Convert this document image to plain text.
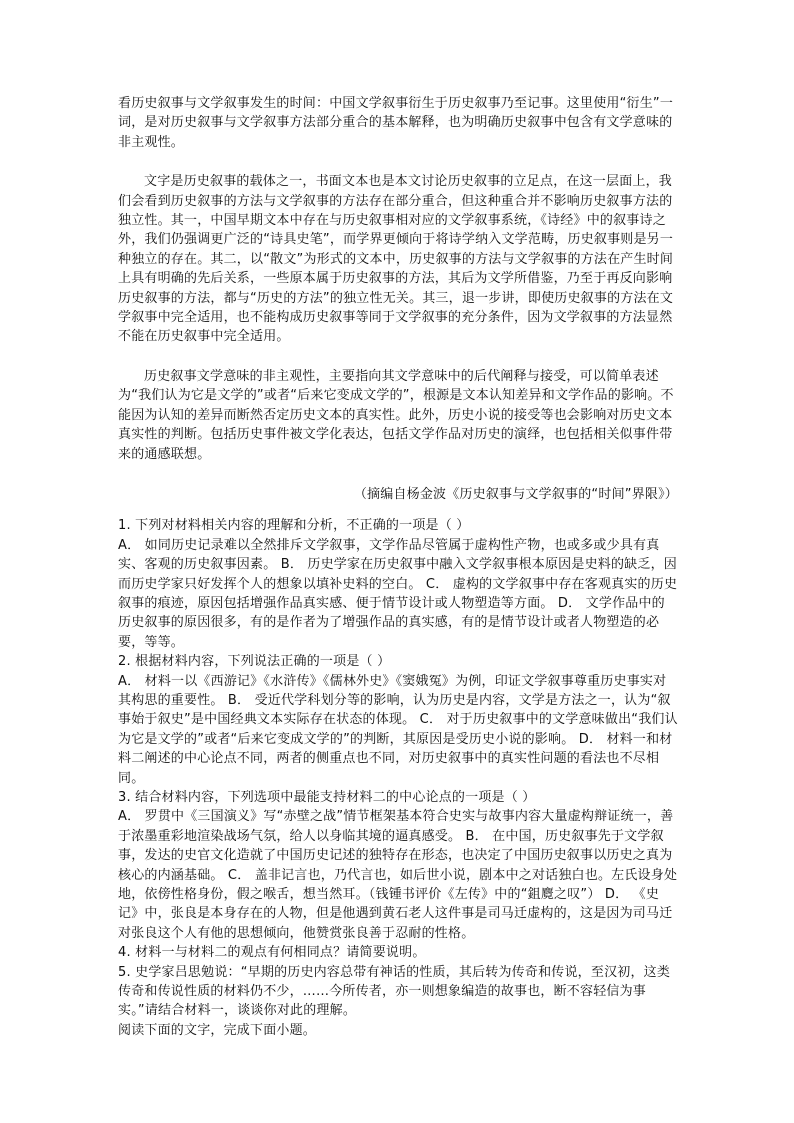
看历史叙事与文学叙事发生的时间：中国文学叙事衍生于历史叙事乃至记事。这里使用“衍生”一词，是对历史叙事与文学叙事方法部分重合的基本解释，也为明确历史叙事中包含有文学意味的非主观性。

文字是历史叙事的载体之一，书面文本也是本文讨论历史叙事的立足点，在这一层面上，我们会看到历史叙事的方法与文学叙事的方法存在部分重合，但这种重合并不影响历史叙事方法的独立性。其一，中国早期文本中存在与历史叙事相对应的文学叙事系统，《诗经》中的叙事诗之外，我们仍强调更广泛的“诗具史笔”，而学界更倾向于将诗学纳入文学范畴，历史叙事则是另一种独立的存在。其二，以“散文”为形式的文本中，历史叙事的方法与文学叙事的方法在产生时间上具有明确的先后关系，一些原本属于历史叙事的方法，其后为文学所借鉴，乃至于再反向影响历史叙事的方法，都与“历史的方法”的独立性无关。其三，退一步讲，即使历史叙事的方法在文学叙事中完全适用，也不能构成历史叙事等同于文学叙事的充分条件，因为文学叙事的方法显然不能在历史叙事中完全适用。

历史叙事文学意味的非主观性，主要指向其文学意味中的后代阐释与接受，可以简单表述为“我们认为它是文学的”或者“后来它变成文学的”，根源是文本认知差异和文学作品的影响。不能因为认知的差异而断然否定历史文本的真实性。此外，历史小说的接受等也会影响对历史文本真实性的判断。包括历史事件被文学化表达，包括文学作品对历史的演绎，也包括相关似事件带来的通感联想。

（摘编自杨金波《历史叙事与文学叙事的“时间”界限》）

1. 下列对材料相关内容的理解和分析，不正确的一项是（ ）

A． 如同历史记录难以全然排斥文学叙事，文学作品尽管属于虚构性产物，也或多或少具有真实、客观的历史叙事因素。 B． 历史学家在历史叙事中融入文学叙事根本原因是史料的缺乏，因而历史学家只好发挥个人的想象以填补史料的空白。 C． 虚构的文学叙事中存在客观真实的历史叙事的痕迹，原因包括增强作品真实感、便于情节设计或人物塑造等方面。 D． 文学作品中的历史叙事的原因很多，有的是作者为了增强作品的真实感，有的是情节设计或者人物塑造的必要，等等。

2. 根据材料内容，下列说法正确的一项是（ ）

A． 材料一以《西游记》《水浒传》《儒林外史》《窦娥冤》为例，印证文学叙事尊重历史事实对其构思的重要性。 B． 受近代学科划分等的影响，认为历史是内容，文学是方法之一，认为“叙事始于叙史”是中国经典文本实际存在状态的体现。 C． 对于历史叙事中的文学意味做出“我们认为它是文学的”或者“后来它变成文学的”的判断，其原因是受历史小说的影响。 D． 材料一和材料二阐述的中心论点不同，两者的侧重点也不同，对历史叙事中的真实性问题的看法也不尽相同。

3. 结合材料内容，下列选项中最能支持材料二的中心论点的一项是（ ）

A． 罗贯中《三国演义》写“赤壁之战”情节框架基本符合史实与故事内容大量虚构辩证统一，善于浓墨重彩地渲染战场气氛，给人以身临其境的逼真感受。 B． 在中国，历史叙事先于文学叙事，发达的史官文化造就了中国历史记述的独特存在形态，也决定了中国历史叙事以历史之真为核心的内涵基础。 C． 盖非记言也，乃代言也，如后世小说，剧本中之对话独白也。左氏设身处地，依傍性格身份，假之喉舌，想当然耳。（钱锺书评价《左传》中的“鉏麑之叹”） D． 《史记》中，张良是本身存在的人物，但是他遇到黄石老人这件事是司马迁虚构的，这是因为司马迁对张良这个人有他的思想倾向，他赞赏张良善于忍耐的性格。

4. 材料一与材料二的观点有何相同点？请简要说明。

5. 史学家吕思勉说：“早期的历史内容总带有神话的性质，其后转为传奇和传说，至汉初，这类传奇和传说性质的材料仍不少，……今所传者，亦一则想象编造的故事也，断不容轻信为事实。”请结合材料一，谈谈你对此的理解。

阅读下面的文字，完成下面小题。
